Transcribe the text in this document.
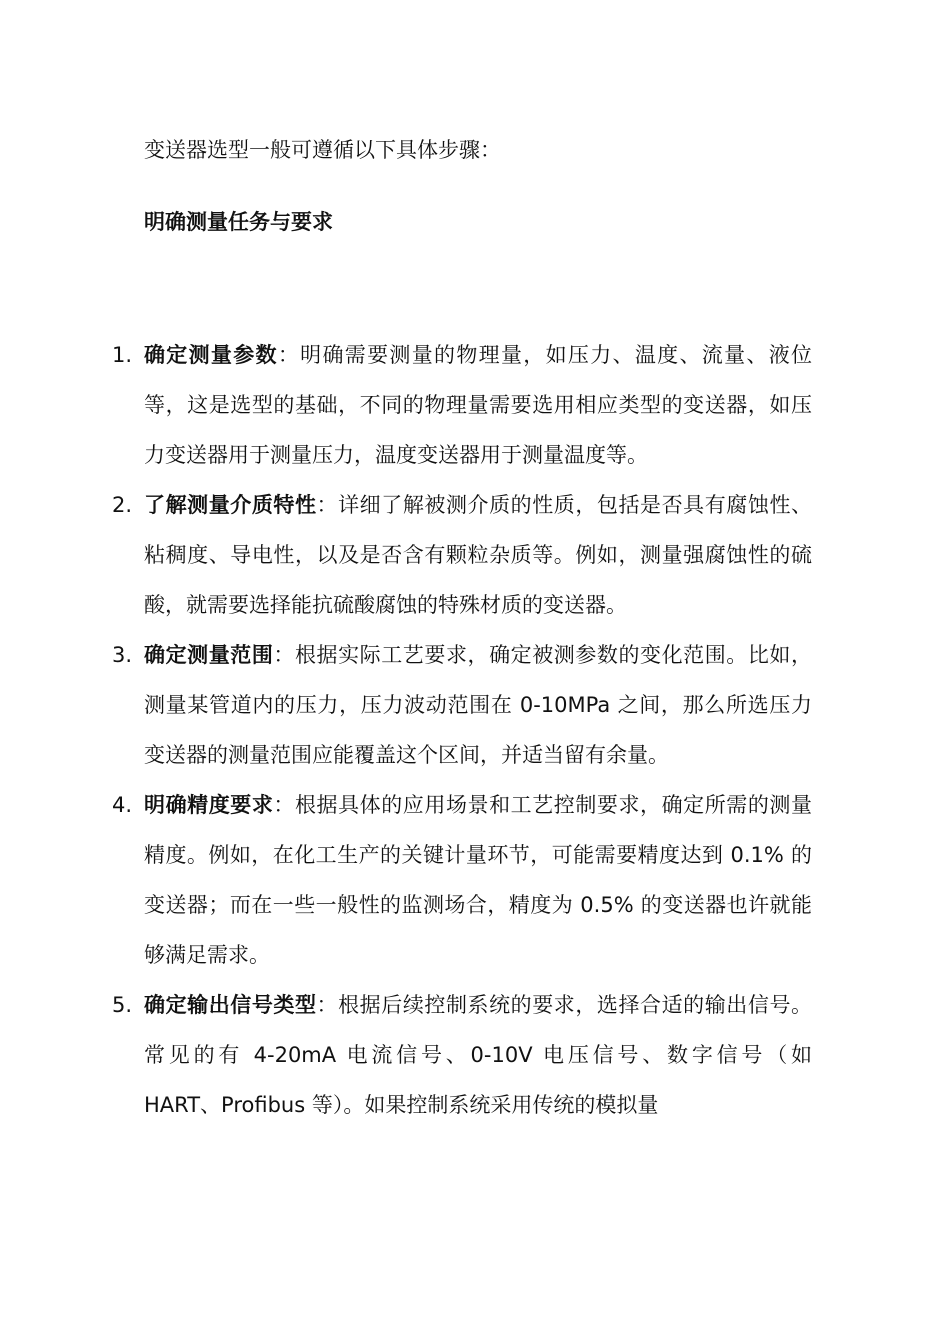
变送器选型一般可遵循以下具体步骤：

明确测量任务与要求
1. 确定测量参数：明确需要测量的物理量，如压力、温度、流量、液位等，这是选型的基础，不同的物理量需要选用相应类型的变送器，如压力变送器用于测量压力，温度变送器用于测量温度等。
2. 了解测量介质特性：详细了解被测介质的性质，包括是否具有腐蚀性、粘稠度、导电性，以及是否含有颗粒杂质等。例如，测量强腐蚀性的硫酸，就需要选择能抗硫酸腐蚀的特殊材质的变送器。
3. 确定测量范围：根据实际工艺要求，确定被测参数的变化范围。比如，测量某管道内的压力，压力波动范围在 0-10MPa 之间，那么所选压力变送器的测量范围应能覆盖这个区间，并适当留有余量。
4. 明确精度要求：根据具体的应用场景和工艺控制要求，确定所需的测量精度。例如，在化工生产的关键计量环节，可能需要精度达到 0.1% 的变送器；而在一些一般性的监测场合，精度为 0.5% 的变送器也许就能够满足需求。
5. 确定输出信号类型：根据后续控制系统的要求，选择合适的输出信号。常见的有 4-20mA 电流信号、0-10V 电压信号、数字信号（如 HART、Profibus 等）。如果控制系统采用传统的模拟量
